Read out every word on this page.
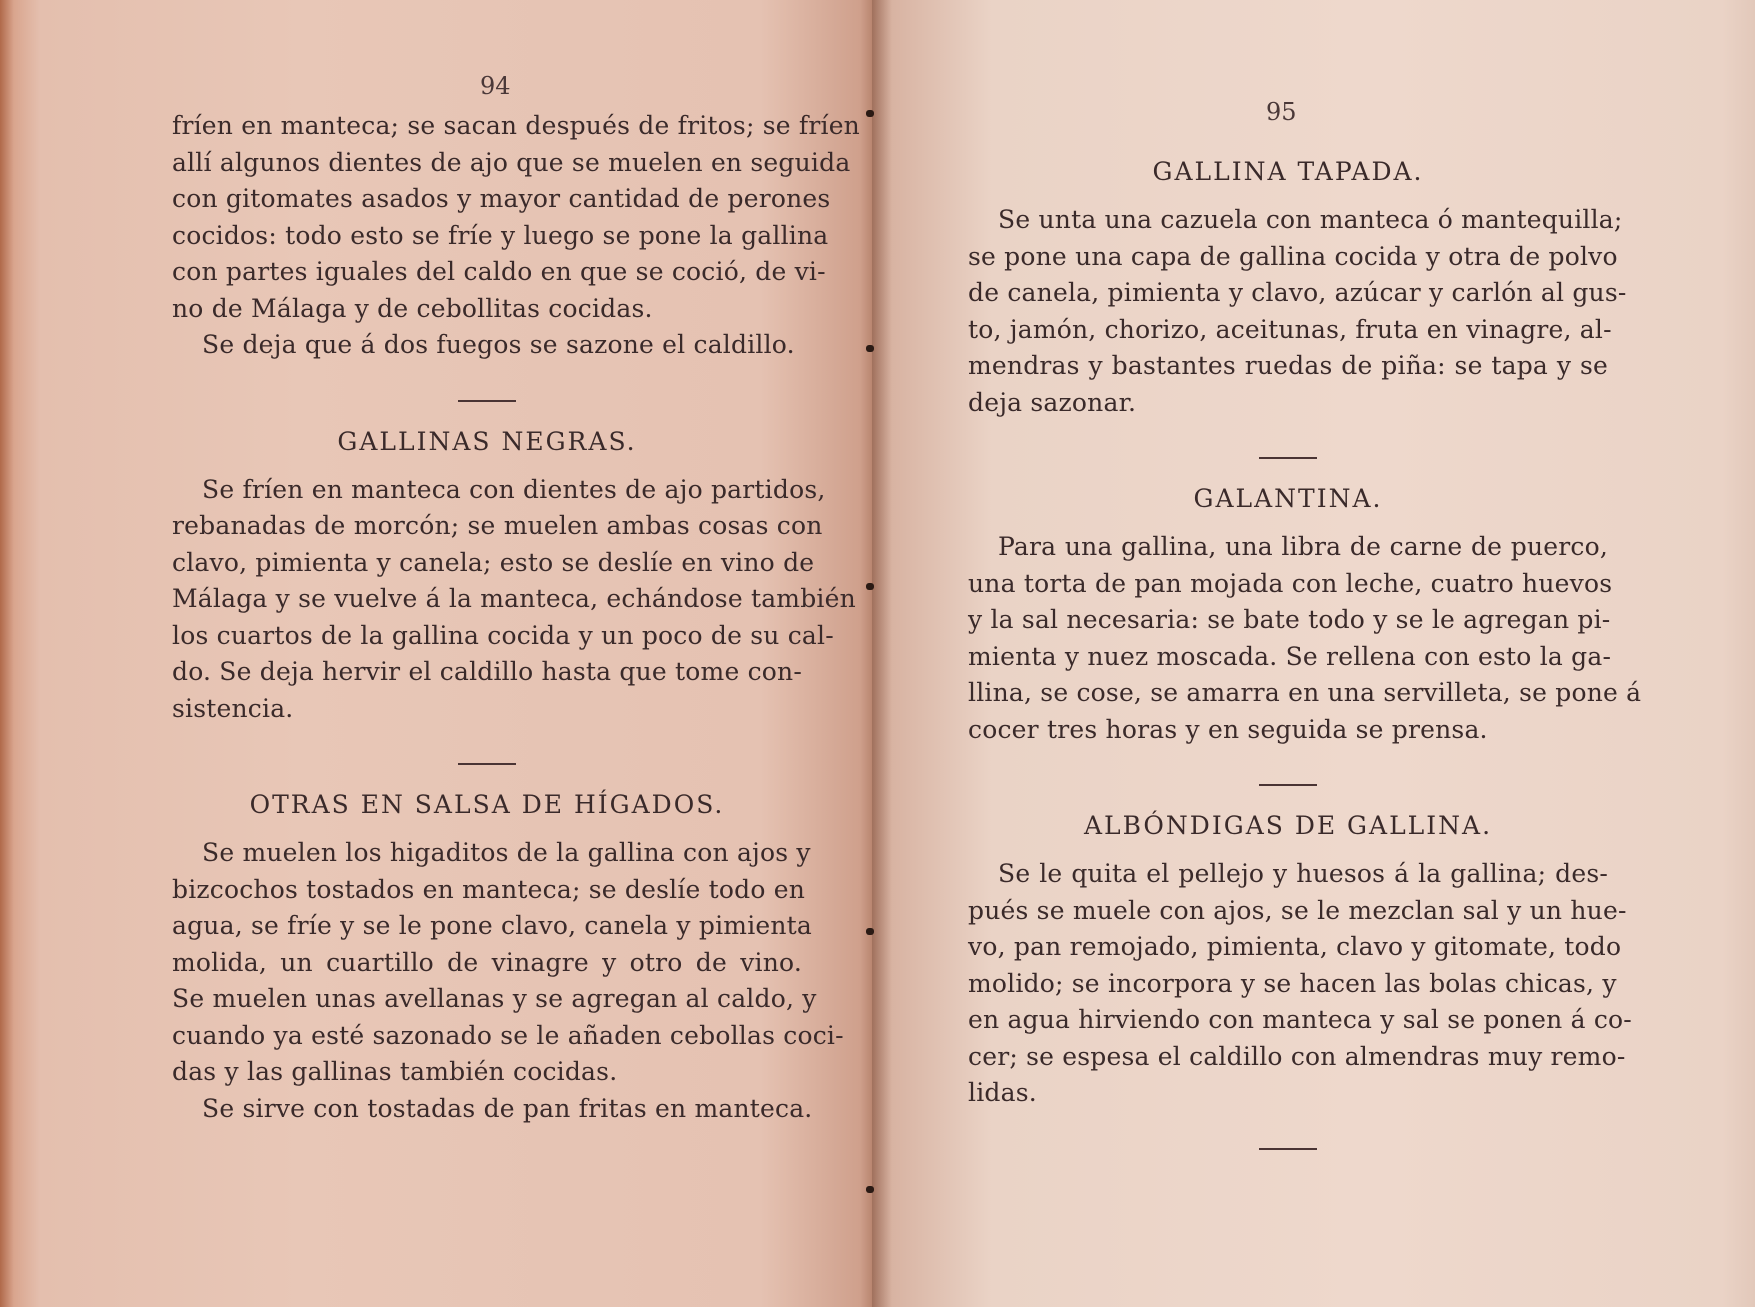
94
fríen en manteca; se sacan después de fritos; se fríen
allí algunos dientes de ajo que se muelen en seguida
con gitomates asados y mayor cantidad de perones
cocidos: todo esto se fríe y luego se pone la gallina
con partes iguales del caldo en que se coció, de vi-
no de Málaga y de cebollitas cocidas.
Se deja que á dos fuegos se sazone el caldillo.
GALLINAS NEGRAS.
Se fríen en manteca con dientes de ajo partidos,
rebanadas de morcón; se muelen ambas cosas con
clavo, pimienta y canela; esto se deslíe en vino de
Málaga y se vuelve á la manteca, echándose también
los cuartos de la gallina cocida y un poco de su cal-
do. Se deja hervir el caldillo hasta que tome con-
sistencia.
OTRAS EN SALSA DE HÍGADOS.
Se muelen los higaditos de la gallina con ajos y
bizcochos tostados en manteca; se deslíe todo en
agua, se fríe y se le pone clavo, canela y pimienta
molida, un cuartillo de vinagre y otro de vino.
Se muelen unas avellanas y se agregan al caldo, y
cuando ya esté sazonado se le añaden cebollas coci-
das y las gallinas también cocidas.
Se sirve con tostadas de pan fritas en manteca.
95
GALLINA TAPADA.
Se unta una cazuela con manteca ó mantequilla;
se pone una capa de gallina cocida y otra de polvo
de canela, pimienta y clavo, azúcar y carlón al gus-
to, jamón, chorizo, aceitunas, fruta en vinagre, al-
mendras y bastantes ruedas de piña: se tapa y se
deja sazonar.
GALANTINA.
Para una gallina, una libra de carne de puerco,
una torta de pan mojada con leche, cuatro huevos
y la sal necesaria: se bate todo y se le agregan pi-
mienta y nuez moscada. Se rellena con esto la ga-
llina, se cose, se amarra en una servilleta, se pone á
cocer tres horas y en seguida se prensa.
ALBÓNDIGAS DE GALLINA.
Se le quita el pellejo y huesos á la gallina; des-
pués se muele con ajos, se le mezclan sal y un hue-
vo, pan remojado, pimienta, clavo y gitomate, todo
molido; se incorpora y se hacen las bolas chicas, y
en agua hirviendo con manteca y sal se ponen á co-
cer; se espesa el caldillo con almendras muy remo-
lidas.
